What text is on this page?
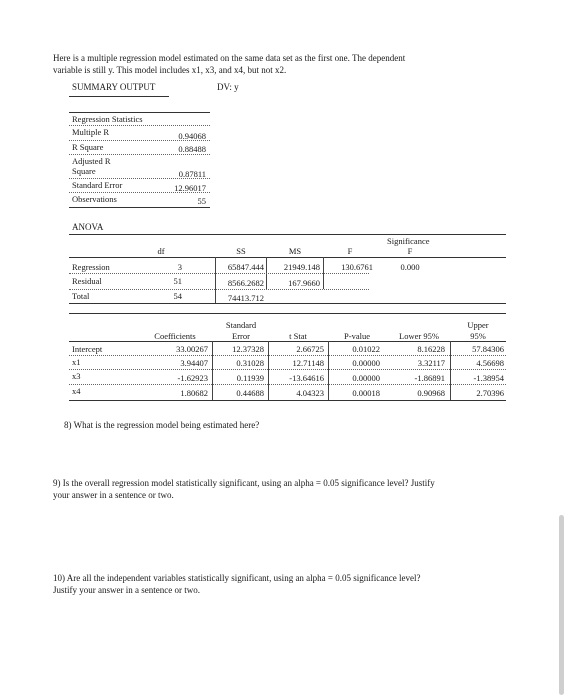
Here is a multiple regression model estimated on the same data set as the first one. The dependent
variable is still y. This model includes x1, x3, and x4, but not x2.
SUMMARY OUTPUT	DV: y
Regression Statistics
Multiple R	0.94068
R Square	0.88488
Adjusted R
Square	0.87811
Standard Error	12.96017
Observations	55
ANOVA
Significance
df	SS	MS	F	F
Regression	3	65847.444	21949.148	130.6761	0.000
Residual	51	8566.2682	167.9660
Total	54	74413.712
Standard	Upper
Coefficients	Error	t Stat	P-value	Lower 95%	95%
Intercept	33.00267	12.37328	2.66725	0.01022	8.16228	57.84306
x1	3.94407	0.31028	12.71148	0.00000	3.32117	4.56698
x3	-1.62923	0.11939	-13.64616	0.00000	-1.86891	-1.38954
x4	1.80682	0.44688	4.04323	0.00018	0.90968	2.70396
8) What is the regression model being estimated here?
9) Is the overall regression model statistically significant, using an alpha = 0.05 significance level? Justify
your answer in a sentence or two.
10) Are all the independent variables statistically significant, using an alpha = 0.05 significance level?
Justify your answer in a sentence or two.
